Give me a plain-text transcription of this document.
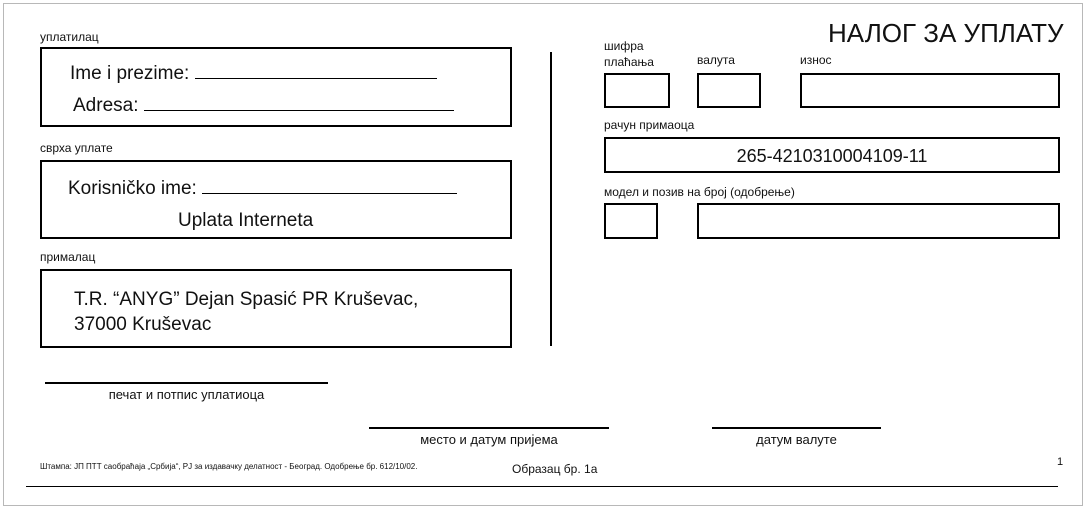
НАЛОГ ЗА УПЛАТУ
уплатилац
Ime i prezime:
Adresa:
сврха уплате
Korisničko ime:
Uplata Interneta
прималац
T.R. “ANYG” Dejan Spasić PR Kruševac,
37000 Kruševac
шифра
плаћања	валута	износ
рачун примаоца
265-4210310004109-11
модел и позив на број (одобрење)
печат и потпис уплатиоца
место и датум пријема	датум валуте
Штампа: ЈП ПТТ саобраћаја „Србија“, РЈ за издавачку делатност - Београд. Одобрење бр. 612/10/02.	Образац бр. 1а	1
